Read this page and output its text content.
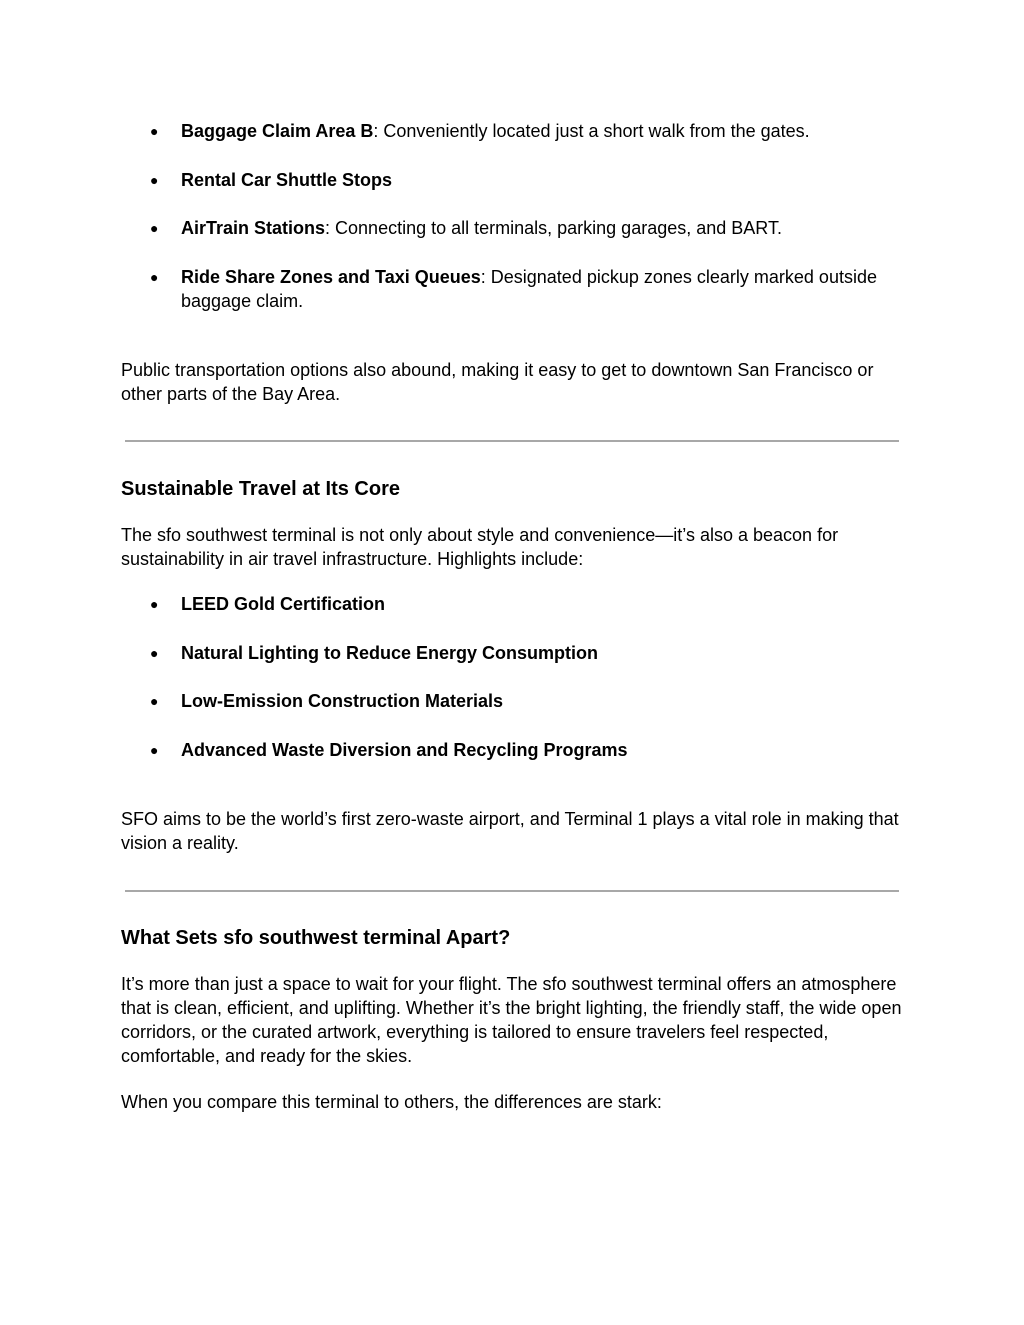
● Baggage Claim Area B: Conveniently located just a short walk from the gates.
● Rental Car Shuttle Stops
● AirTrain Stations: Connecting to all terminals, parking garages, and BART.
● Ride Share Zones and Taxi Queues: Designated pickup zones clearly marked outside baggage claim.

Public transportation options also abound, making it easy to get to downtown San Francisco or other parts of the Bay Area.

Sustainable Travel at Its Core

The sfo southwest terminal is not only about style and convenience—it’s also a beacon for sustainability in air travel infrastructure. Highlights include:

● LEED Gold Certification
● Natural Lighting to Reduce Energy Consumption
● Low-Emission Construction Materials
● Advanced Waste Diversion and Recycling Programs

SFO aims to be the world’s first zero-waste airport, and Terminal 1 plays a vital role in making that vision a reality.

What Sets sfo southwest terminal Apart?

It’s more than just a space to wait for your flight. The sfo southwest terminal offers an atmosphere that is clean, efficient, and uplifting. Whether it’s the bright lighting, the friendly staff, the wide open corridors, or the curated artwork, everything is tailored to ensure travelers feel respected, comfortable, and ready for the skies.

When you compare this terminal to others, the differences are stark:
